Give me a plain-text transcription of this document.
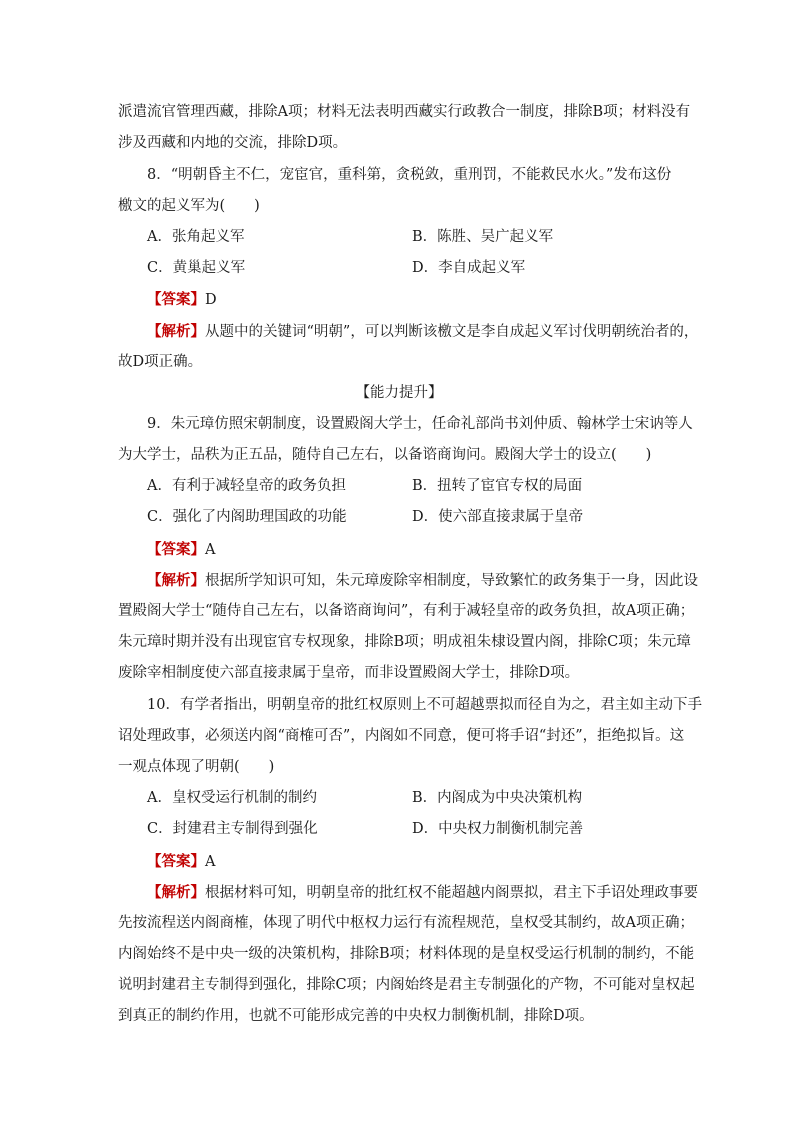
派遣流官管理西藏，排除A项；材料无法表明西藏实行政教合一制度，排除B项；材料没有
涉及西藏和内地的交流，排除D项。
8．“明朝昏主不仁，宠宦官，重科第，贪税敛，重刑罚，不能救民水火。”发布这份
檄文的起义军为(　　)
A．张角起义军	B．陈胜、吴广起义军
C．黄巢起义军	D．李自成起义军
【答案】D
【解析】从题中的关键词“明朝”，可以判断该檄文是李自成起义军讨伐明朝统治者的，
故D项正确。
【能力提升】
9．朱元璋仿照宋朝制度，设置殿阁大学士，任命礼部尚书刘仲质、翰林学士宋讷等人
为大学士，品秩为正五品，随侍自己左右，以备谘商询问。殿阁大学士的设立(　　)
A．有利于减轻皇帝的政务负担	B．扭转了宦官专权的局面
C．强化了内阁助理国政的功能	D．使六部直接隶属于皇帝
【答案】A
【解析】根据所学知识可知，朱元璋废除宰相制度，导致繁忙的政务集于一身，因此设
置殿阁大学士“随侍自己左右，以备谘商询问”，有利于减轻皇帝的政务负担，故A项正确；
朱元璋时期并没有出现宦官专权现象，排除B项；明成祖朱棣设置内阁，排除C项；朱元璋
废除宰相制度使六部直接隶属于皇帝，而非设置殿阁大学士，排除D项。
10．有学者指出，明朝皇帝的批红权原则上不可超越票拟而径自为之，君主如主动下手
诏处理政事，必须送内阁“商榷可否”，内阁如不同意，便可将手诏“封还”，拒绝拟旨。这
一观点体现了明朝(　　)
A．皇权受运行机制的制约	B．内阁成为中央决策机构
C．封建君主专制得到强化	D．中央权力制衡机制完善
【答案】A
【解析】根据材料可知，明朝皇帝的批红权不能超越内阁票拟，君主下手诏处理政事要
先按流程送内阁商榷，体现了明代中枢权力运行有流程规范，皇权受其制约，故A项正确；
内阁始终不是中央一级的决策机构，排除B项；材料体现的是皇权受运行机制的制约，不能
说明封建君主专制得到强化，排除C项；内阁始终是君主专制强化的产物，不可能对皇权起
到真正的制约作用，也就不可能形成完善的中央权力制衡机制，排除D项。
